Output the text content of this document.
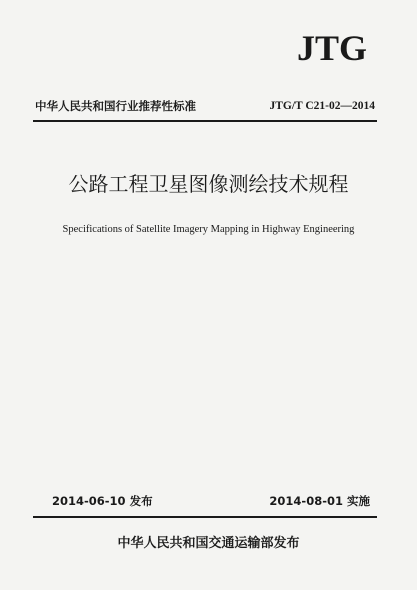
JTG
中华人民共和国行业推荐性标准	JTG/T C21-02—2014
公路工程卫星图像测绘技术规程
Specifications of Satellite Imagery Mapping in Highway Engineering
2014-06-10 发布	2014-08-01 实施
中华人民共和国交通运输部发布
